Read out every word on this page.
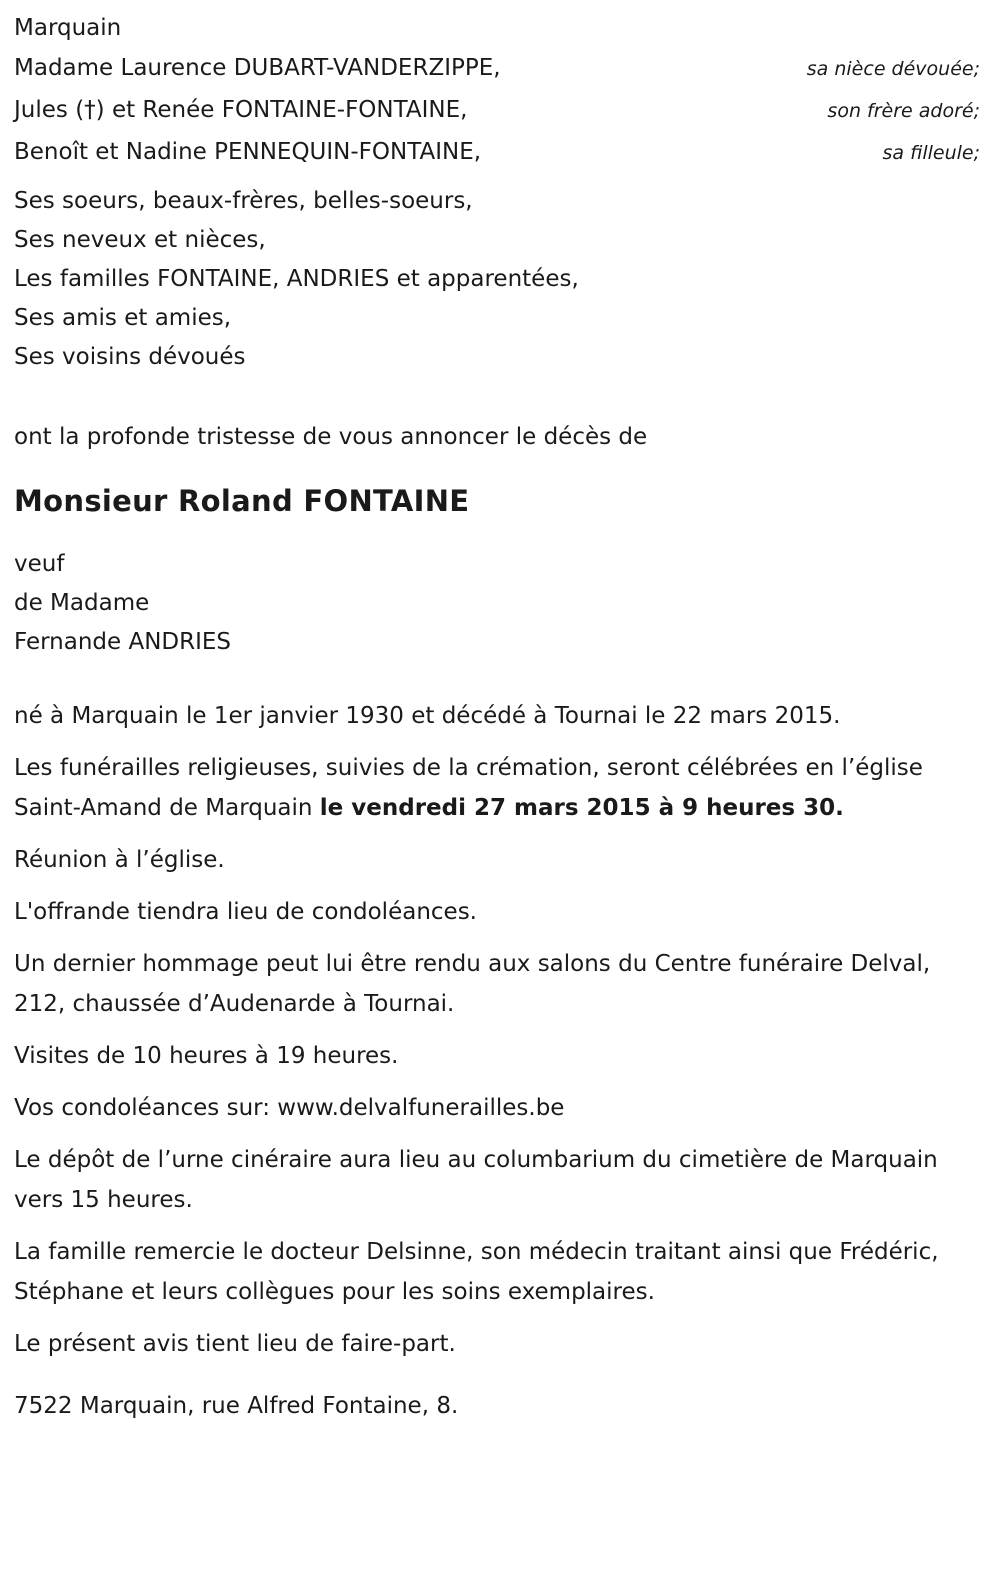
Marquain
Madame Laurence DUBART-VANDERZIPPE,	sa nièce dévouée;
Jules (†) et Renée FONTAINE-FONTAINE,	son frère adoré;
Benoît et Nadine PENNEQUIN-FONTAINE,	sa filleule;
Ses soeurs, beaux-frères, belles-soeurs,
Ses neveux et nièces,
Les familles FONTAINE, ANDRIES et apparentées,
Ses amis et amies,
Ses voisins dévoués
ont la profonde tristesse de vous annoncer le décès de
Monsieur Roland FONTAINE
veuf
de Madame
Fernande ANDRIES

né à Marquain le 1er janvier 1930 et décédé à Tournai le 22 mars 2015.

Les funérailles religieuses, suivies de la crémation, seront célébrées en l’église Saint-Amand de Marquain le vendredi 27 mars 2015 à 9 heures 30.

Réunion à l’église.

L'offrande tiendra lieu de condoléances.

Un dernier hommage peut lui être rendu aux salons du Centre funéraire Delval, 212, chaussée d’Audenarde à Tournai.

Visites de 10 heures à 19 heures.

Vos condoléances sur: www.delvalfunerailles.be

Le dépôt de l’urne cinéraire aura lieu au columbarium du cimetière de Marquain vers 15 heures.

La famille remercie le docteur Delsinne, son médecin traitant ainsi que Frédéric, Stéphane et leurs collègues pour les soins exemplaires.

Le présent avis tient lieu de faire-part.

7522 Marquain, rue Alfred Fontaine, 8.
